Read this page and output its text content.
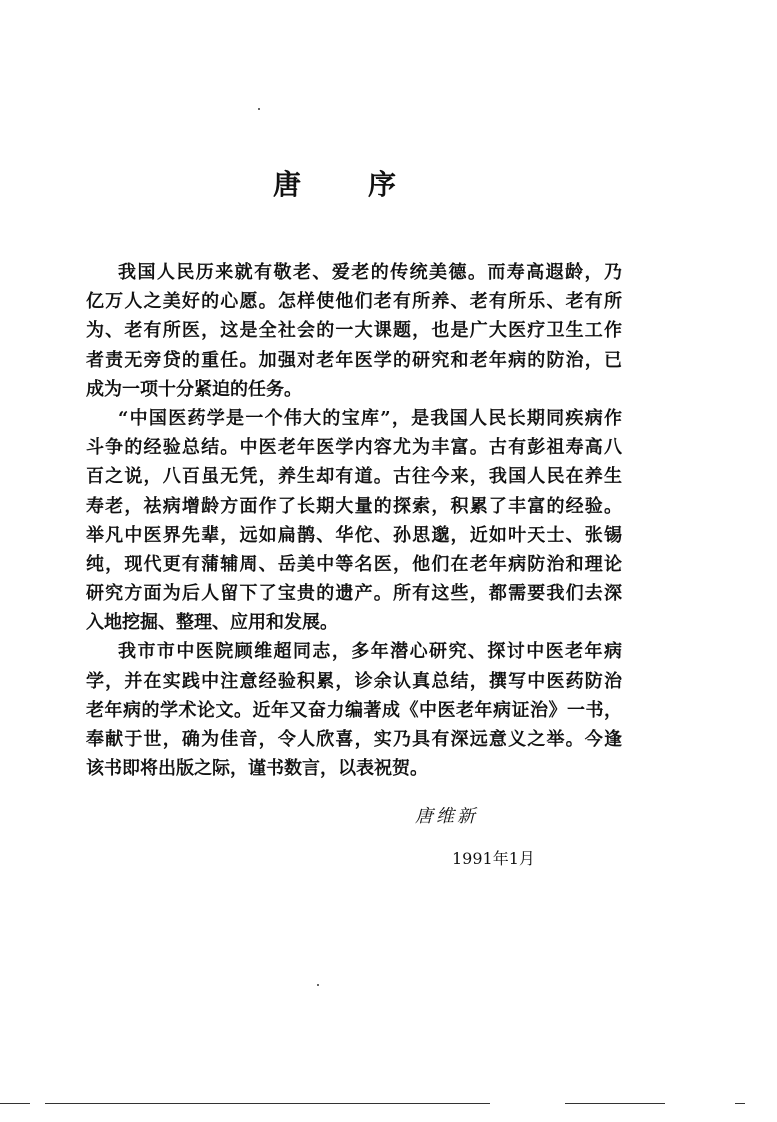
唐 序
我国人民历来就有敬老、爱老的传统美德。而寿高遐龄，乃
亿万人之美好的心愿。怎样使他们老有所养、老有所乐、老有所
为、老有所医，这是全社会的一大课题，也是广大医疗卫生工作
者责无旁贷的重任。加强对老年医学的研究和老年病的防治，已
成为一项十分紧迫的任务。
“中国医药学是一个伟大的宝库”，是我国人民长期同疾病作
斗争的经验总结。中医老年医学内容尤为丰富。古有彭祖寿高八
百之说，八百虽无凭，养生却有道。古往今来，我国人民在养生
寿老，祛病增龄方面作了长期大量的探索，积累了丰富的经验。
举凡中医界先辈，远如扁鹊、华佗、孙思邈，近如叶天士、张锡
纯，现代更有蒲辅周、岳美中等名医，他们在老年病防治和理论
研究方面为后人留下了宝贵的遗产。所有这些，都需要我们去深
入地挖掘、整理、应用和发展。
我市市中医院顾维超同志，多年潜心研究、探讨中医老年病
学，并在实践中注意经验积累，诊余认真总结，撰写中医药防治
老年病的学术论文。近年又奋力编著成《中医老年病证治》一书，
奉献于世，确为佳音，令人欣喜，实乃具有深远意义之举。今逢
该书即将出版之际，谨书数言，以表祝贺。
唐维新
1991年1月
